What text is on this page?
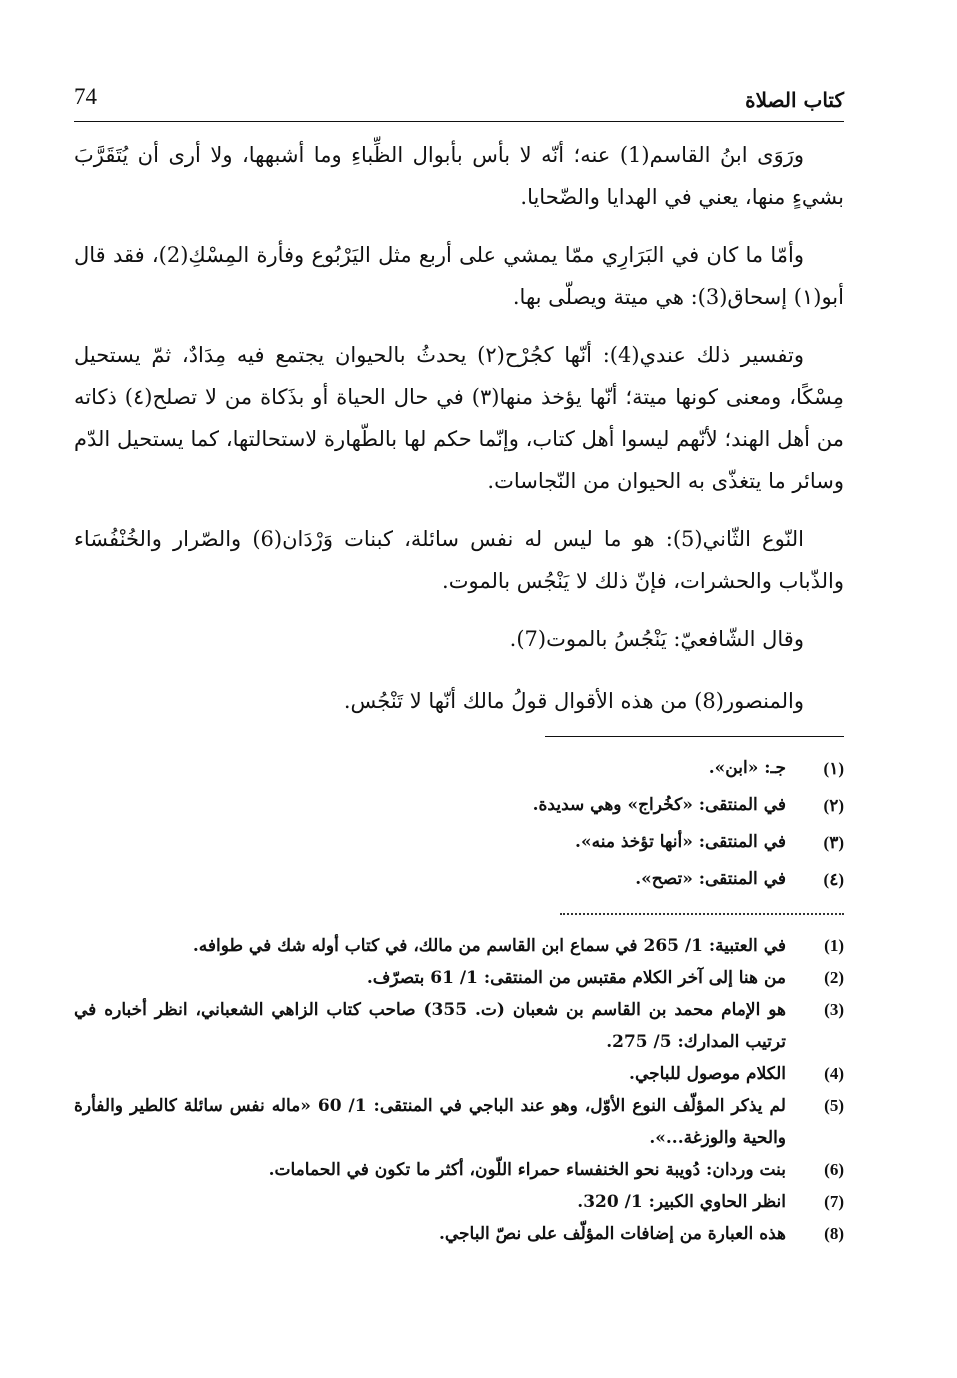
74	كتاب الصلاة

ورَوَى ابنُ القاسم(1) عنه؛ أنّه لا بأس بأبوال الظِّباءِ وما أشبهها، ولا أرى أن يُتَقَرَّبَ بشيءٍ منها، يعني في الهدايا والضّحايا.

وأمّا ما كان في البَرَارِي ممّا يمشي على أربع مثل اليَرْبُوع وفأرة المِسْكِ(2)، فقد قال أبو(١) إسحاق(3): هي ميتة ويصلّى بها.

وتفسير ذلك عندي(4): أنّها كجُرْح(٢) يحدثُ بالحيوان يجتمع فيه مِدَادٌ، ثمّ يستحيل مِسْكًا، ومعنى كونها ميتة؛ أنّها يؤخذ منها(٣) في حال الحياة أو بذَكاة من لا تصلح(٤) ذكاته من أهل الهند؛ لأنّهم ليسوا أهل كتاب، وإنّما حكم لها بالطّهارة لاستحالتها، كما يستحيل الدّم وسائر ما يتغذّى به الحيوان من النّجاسات.

النّوع الثّاني(5): هو ما ليس له نفس سائلة، كبنات وَرْدَان(6) والصّرار والخُنْفُسَاء والذّباب والحشرات، فإنّ ذلك لا يَنْجُس بالموت.

وقال الشّافعيّ: يَنْجُسُ بالموت(7).

والمنصور(8) من هذه الأقوال قولُ مالك أنّها لا تَنْجُس.

(١)
جـ: «ابن».
(٢)
في المنتقى: «كخُراج» وهي سديدة.
(٣)
في المنتقى: «أنها تؤخذ منه».
(٤)
في المنتقى: «تصح».
(1)
في العتبية: 1/ 265 في سماع ابن القاسم من مالك، في كتاب أوله شك في طوافه.
(2)
من هنا إلى آخر الكلام مقتبس من المنتقى: 1/ 61 بتصرّف.
(3)
هو الإمام محمد بن القاسم بن شعبان (ت. 355) صاحب كتاب الزاهي الشعباني، انظر أخباره في ترتيب المدارك: 5/ 275.
(4)
الكلام موصول للباجي.
(5)
لم يذكر المؤلّف النوع الأوّل، وهو عند الباجي في المنتقى: 1/ 60 «ماله نفس سائلة كالطير والفأرة والحية والوزغة...».
(6)
بنت وردان: دُويبة نحو الخنفساء حمراء اللّون، أكثر ما تكون في الحمامات.
(7)
انظر الحاوي الكبير: 1/ 320.
(8)
هذه العبارة من إضافات المؤلّف على نصّ الباجي.
